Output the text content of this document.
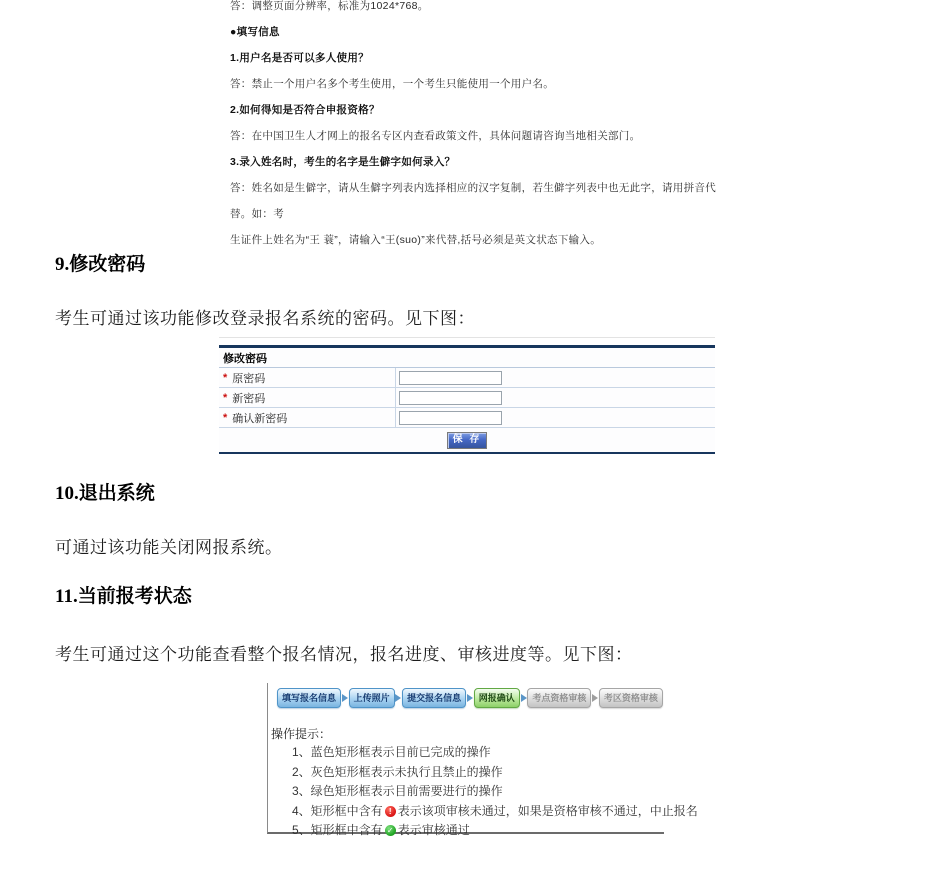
答：调整页面分辨率，标准为1024*768。
●填写信息
1.用户名是否可以多人使用？
答：禁止一个用户名多个考生使用，一个考生只能使用一个用户名。
2.如何得知是否符合申报资格？
答：在中国卫生人才网上的报名专区内查看政策文件，具体问题请咨询当地相关部门。
3.录入姓名时，考生的名字是生僻字如何录入？
答：姓名如是生僻字，请从生僻字列表内选择相应的汉字复制，若生僻字列表中也无此字，请用拼音代替。如：考
生证件上姓名为“王 蓑”，请输入“王(suo)”来代替,括号必须是英文状态下输入。
9.修改密码
考生可通过该功能修改登录报名系统的密码。见下图：
修改密码
* 原密码
* 新密码
* 确认新密码
保 存
10.退出系统
可通过该功能关闭网报系统。
11.当前报考状态
考生可通过这个功能查看整个报名情况，报名进度、审核进度等。见下图：
填写报名信息	上传照片	提交报名信息	网报确认	考点资格审核	考区资格审核
操作提示：
1、蓝色矩形框表示目前已完成的操作
2、灰色矩形框表示未执行且禁止的操作
3、绿色矩形框表示目前需要进行的操作
4、矩形框中含有 ! 表示该项审核未通过，如果是资格审核不通过，中止报名
5、矩形框中含有 ✓ 表示审核通过
